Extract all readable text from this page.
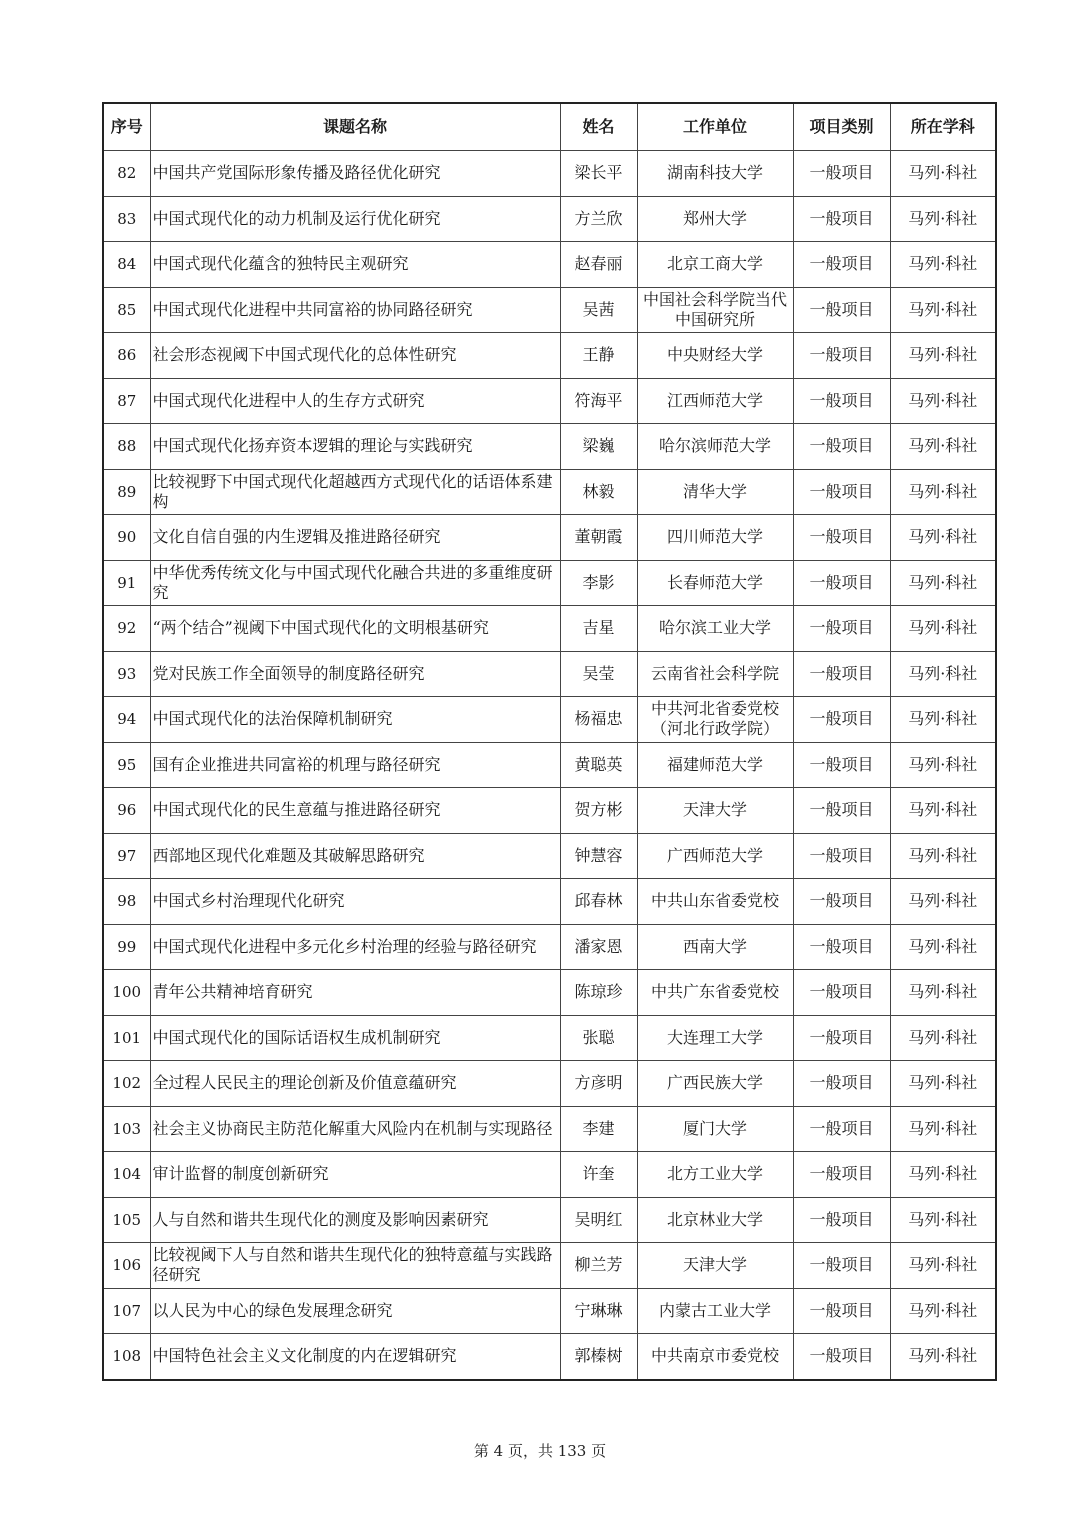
序号	课题名称	姓名	工作单位	项目类别	所在学科
82	中国共产党国际形象传播及路径优化研究	梁长平	湖南科技大学	一般项目	马列·科社
83	中国式现代化的动力机制及运行优化研究	方兰欣	郑州大学	一般项目	马列·科社
84	中国式现代化蕴含的独特民主观研究	赵春丽	北京工商大学	一般项目	马列·科社
85	中国式现代化进程中共同富裕的协同路径研究	吴茜	中国社会科学院当代中国研究所	一般项目	马列·科社
86	社会形态视阈下中国式现代化的总体性研究	王静	中央财经大学	一般项目	马列·科社
87	中国式现代化进程中人的生存方式研究	符海平	江西师范大学	一般项目	马列·科社
88	中国式现代化扬弃资本逻辑的理论与实践研究	梁巍	哈尔滨师范大学	一般项目	马列·科社
89	比较视野下中国式现代化超越西方式现代化的话语体系建构	林毅	清华大学	一般项目	马列·科社
90	文化自信自强的内生逻辑及推进路径研究	董朝霞	四川师范大学	一般项目	马列·科社
91	中华优秀传统文化与中国式现代化融合共进的多重维度研究	李影	长春师范大学	一般项目	马列·科社
92	“两个结合”视阈下中国式现代化的文明根基研究	吉星	哈尔滨工业大学	一般项目	马列·科社
93	党对民族工作全面领导的制度路径研究	吴莹	云南省社会科学院	一般项目	马列·科社
94	中国式现代化的法治保障机制研究	杨福忠	中共河北省委党校（河北行政学院）	一般项目	马列·科社
95	国有企业推进共同富裕的机理与路径研究	黄聪英	福建师范大学	一般项目	马列·科社
96	中国式现代化的民生意蕴与推进路径研究	贺方彬	天津大学	一般项目	马列·科社
97	西部地区现代化难题及其破解思路研究	钟慧容	广西师范大学	一般项目	马列·科社
98	中国式乡村治理现代化研究	邱春林	中共山东省委党校	一般项目	马列·科社
99	中国式现代化进程中多元化乡村治理的经验与路径研究	潘家恩	西南大学	一般项目	马列·科社
100	青年公共精神培育研究	陈琼珍	中共广东省委党校	一般项目	马列·科社
101	中国式现代化的国际话语权生成机制研究	张聪	大连理工大学	一般项目	马列·科社
102	全过程人民民主的理论创新及价值意蕴研究	方彦明	广西民族大学	一般项目	马列·科社
103	社会主义协商民主防范化解重大风险内在机制与实现路径	李建	厦门大学	一般项目	马列·科社
104	审计监督的制度创新研究	许奎	北方工业大学	一般项目	马列·科社
105	人与自然和谐共生现代化的测度及影响因素研究	吴明红	北京林业大学	一般项目	马列·科社
106	比较视阈下人与自然和谐共生现代化的独特意蕴与实践路径研究	柳兰芳	天津大学	一般项目	马列·科社
107	以人民为中心的绿色发展理念研究	宁琳琳	内蒙古工业大学	一般项目	马列·科社
108	中国特色社会主义文化制度的内在逻辑研究	郭榛树	中共南京市委党校	一般项目	马列·科社
第 4 页，共 133 页
